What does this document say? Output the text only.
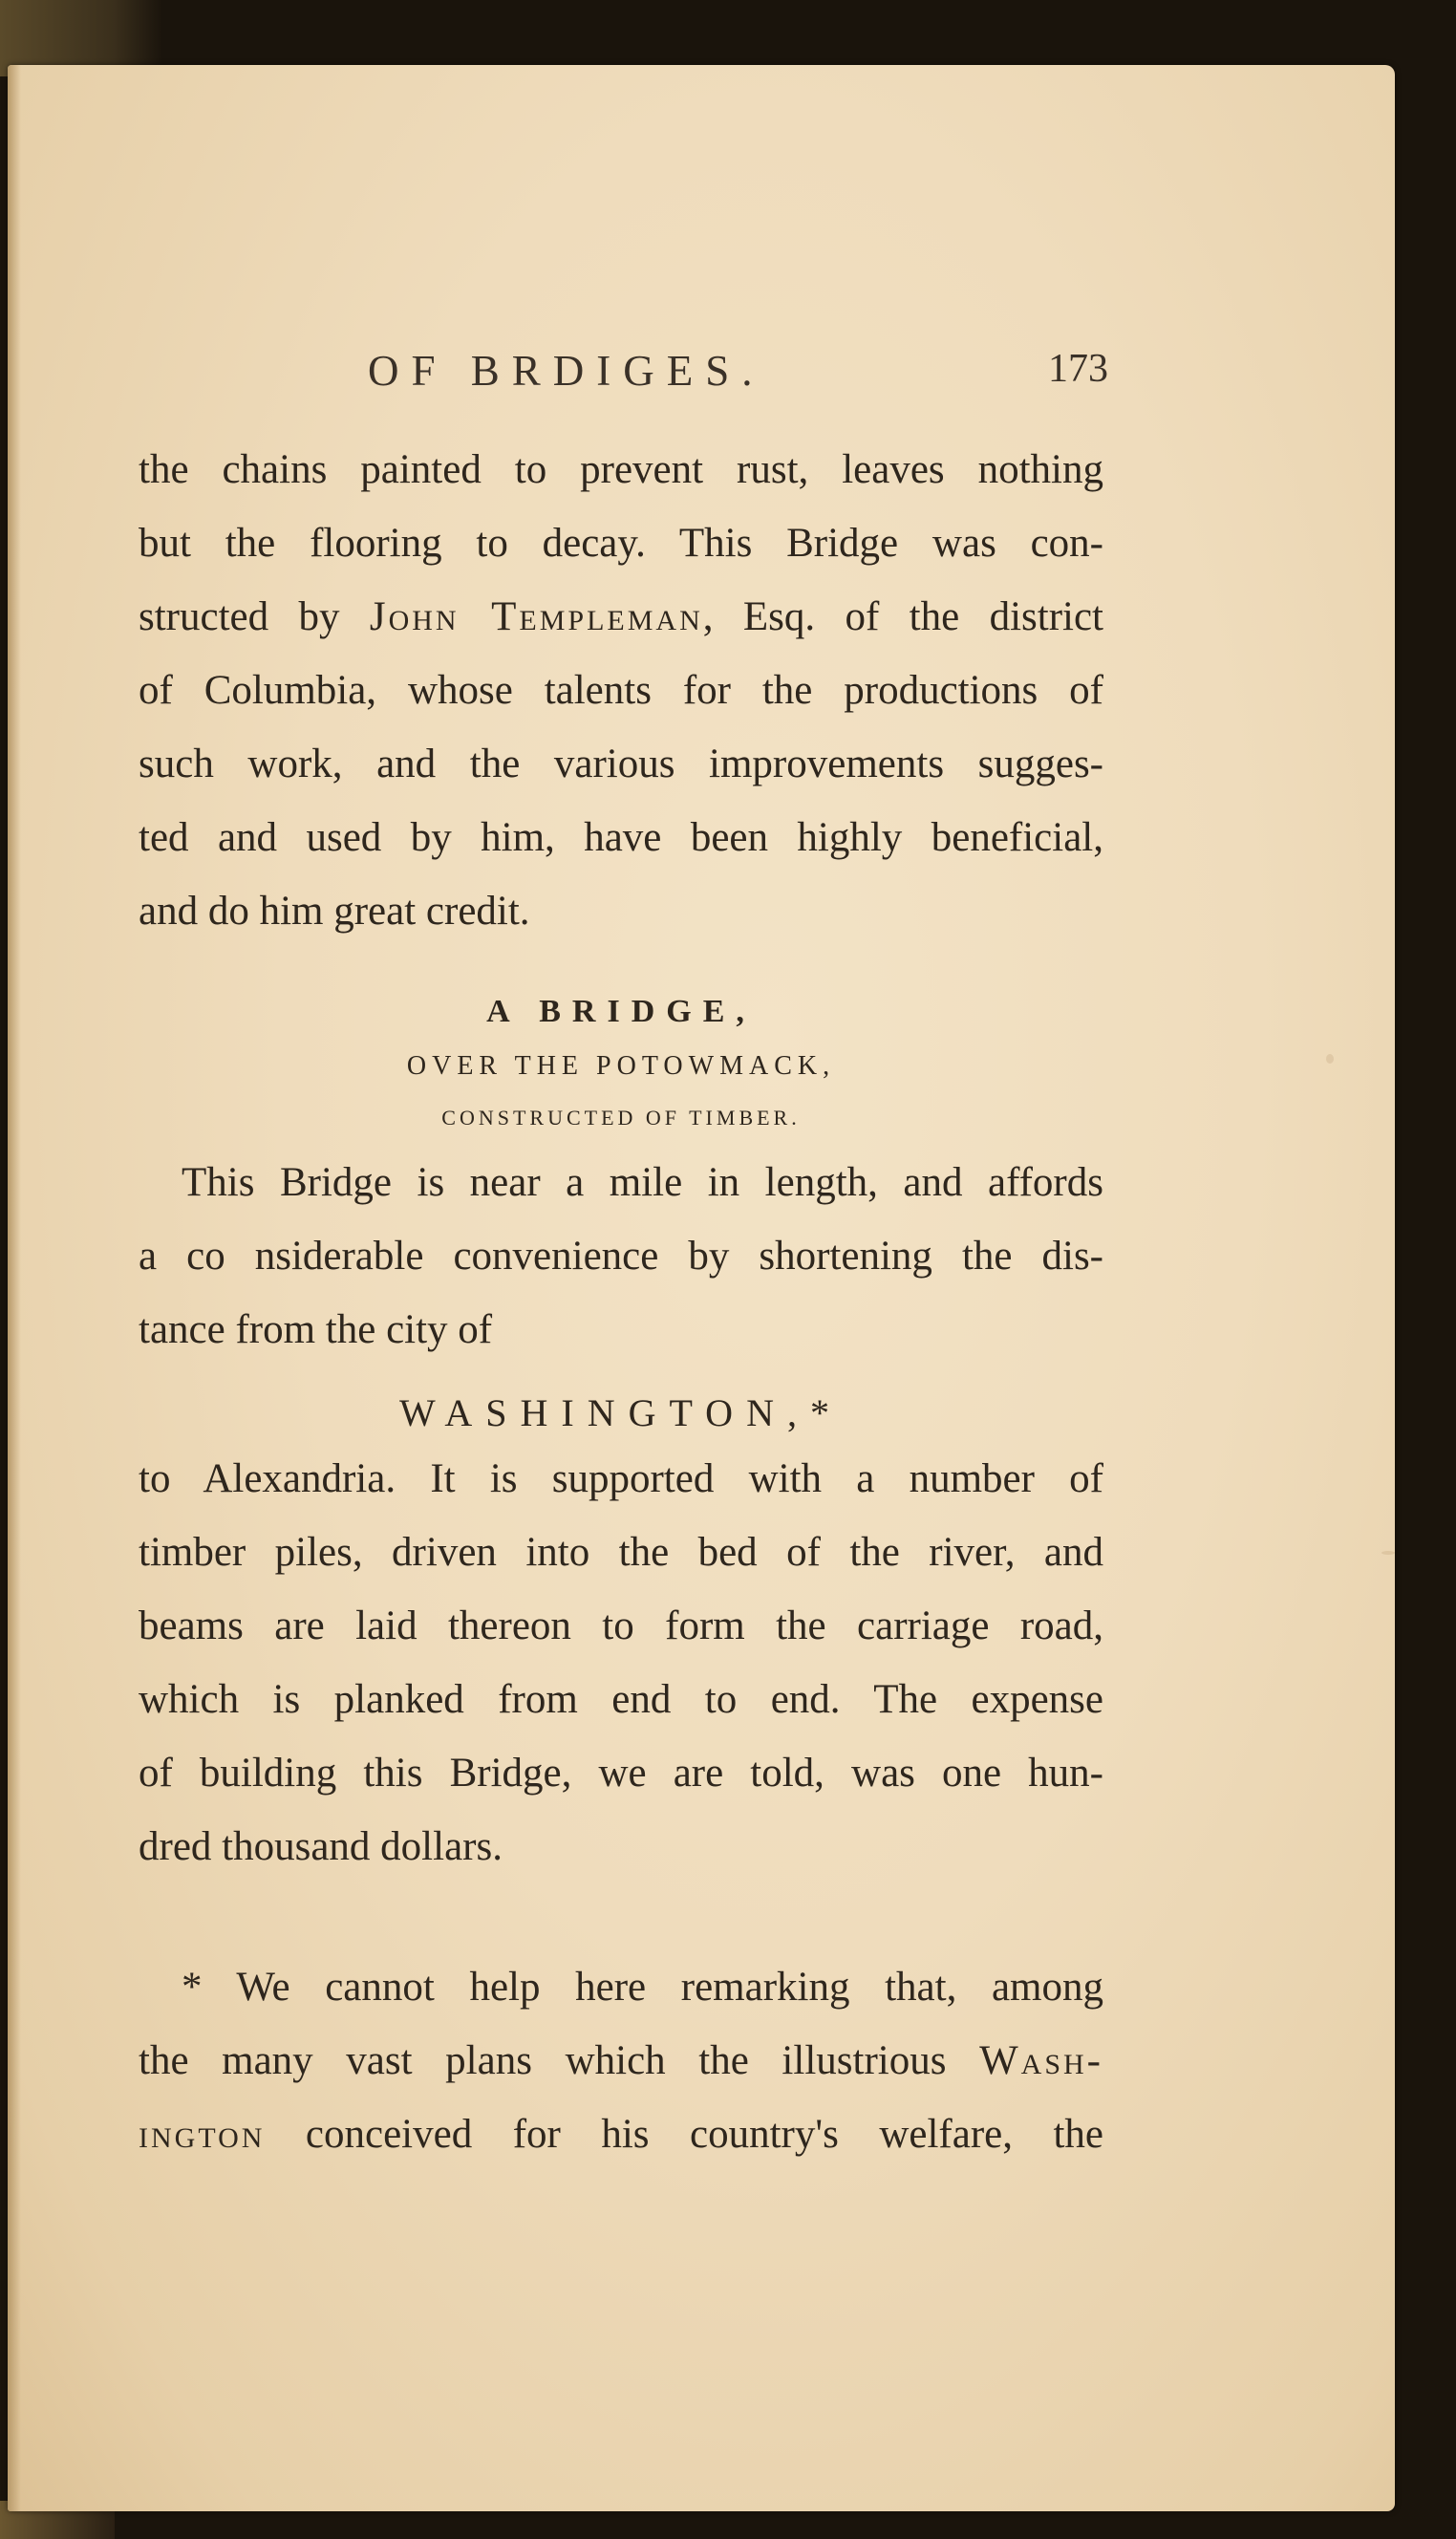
OF BRDIGES.	173
the chains painted to prevent rust, leaves nothing
but the flooring to decay. This Bridge was con-
structed by John Templeman, Esq. of the district
of Columbia, whose talents for the productions of
such work, and the various improvements sugges-
ted and used by him, have been highly beneficial,
and do him great credit.
A BRIDGE,
OVER THE POTOWMACK,
CONSTRUCTED OF TIMBER.
This Bridge is near a mile in length, and affords
a co nsiderable convenience by shortening the dis-
tance from the city of
WASHINGTON,*
to Alexandria. It is supported with a number of
timber piles, driven into the bed of the river, and
beams are laid thereon to form the carriage road,
which is planked from end to end. The expense
of building this Bridge, we are told, was one hun-
dred thousand dollars.
* We cannot help here remarking that, among
the many vast plans which the illustrious Wash-
ington conceived for his country's welfare, the
